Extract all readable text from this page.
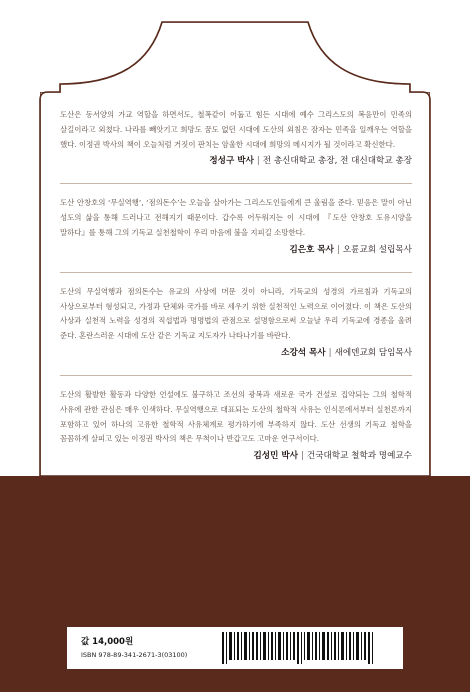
도산은 동서양의 가교 역할을 하면서도, 철폭같이 어둡고 힘든 시대에 예수 그리스도의 복음만이 민족의 살길이라고 외쳤다. 나라를 빼앗기고 희망도 꿈도 없던 시대에 도산의 외침은 잠자는 민족을 일깨우는 역할을 했다. 이정권 박사의 책이 오늘처럼 거짓이 판치는 암울한 시대에 희망의 메시지가 될 것이라고 확신한다.

정성구 박사 | 전 총신대학교 총장, 전 대신대학교 총장

도산 안창호의 ‘무실역행’, ‘점의돈수’는 오늘을 살아가는 그리스도인들에게 큰 울림을 준다. 믿음은 말이 아닌 성도의 삶을 통해 드러나고 전해지기 때문이다. 갑수록 어두워지는 이 시대에 『도산 안창호 도유시양을 말하다』를 통해 그의 기독교 실천철학이 우리 마음에 불을 지피길 소망한다.

김은호 목사 | 오륜교회 설립목사

도산의 무실역행과 점의돈수는 유교의 사상에 머문 것이 아니라, 기독교의 성경의 가르침과 기독교의 사상으로부터 형성되고, 가정과 단체와 국가를 바로 세우기 위한 실천적인 노력으로 이어졌다. 이 책은 도산의 사상과 실천적 노력을 성경의 직섭법과 명명법의 관점으로 설명함으로써 오늘날 우리 기독교에 경종을 울려 준다. 혼란스러운 시대에 도산 같은 기독교 지도자가 나타나기를 바란다.

소강석 목사 | 새에덴교회 담임목사

도산의 활발한 활동과 다양한 언설에도 불구하고 조선의 광복과 새로운 국가 건설로 집약되는 그의 철학적 사유에 관한 관심은 매우 인색하다. 무실역행으로 대표되는 도산의 철학적 사유는 인식론에서부터 실천론까지 포함하고 있어 하나의 고유한 철학적 사유체계로 평가하기에 부족하지 않다. 도산 선생의 기독교 철학을 꼼꼼하게 살피고 있는 이정권 박사의 책은 무척이나 반갑고도 고마운 연구서이다.

김성민 박사 | 건국대학교 철학과 명예교수
값 14,000원
ISBN 978-89-341-2671-3(03100)
